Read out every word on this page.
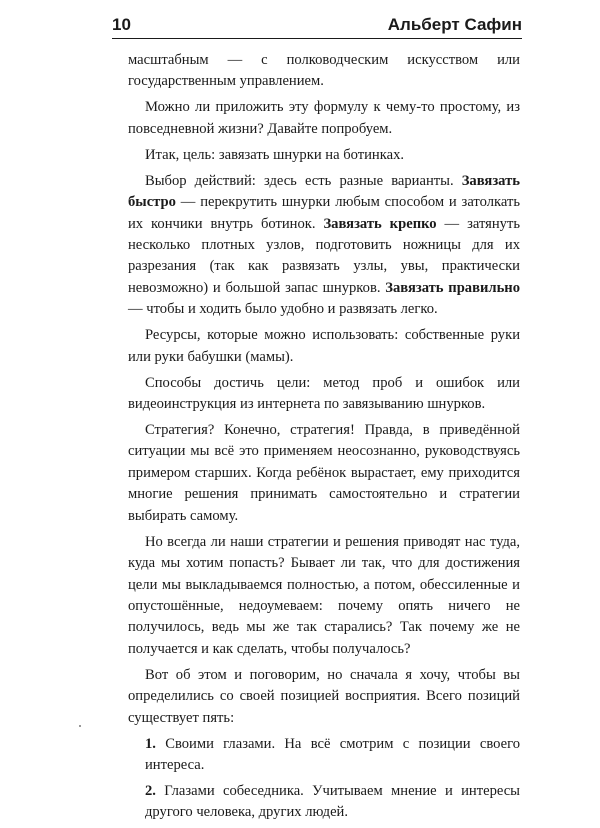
10	Альберт Сафин

масштабным — с полководческим искусством или государственным управлением.

Можно ли приложить эту формулу к чему-то простому, из повседневной жизни? Давайте попробуем.

Итак, цель: завязать шнурки на ботинках.

Выбор действий: здесь есть разные варианты. Завязать быстро — перекрутить шнурки любым способом и затолкать их кончики внутрь ботинок. Завязать крепко — затянуть несколько плотных узлов, подготовить ножницы для их разрезания (так как развязать узлы, увы, практически невозможно) и большой запас шнурков. Завязать правильно — чтобы и ходить было удобно и развязать легко.

Ресурсы, которые можно использовать: собственные руки или руки бабушки (мамы).

Способы достичь цели: метод проб и ошибок или видеоинструкция из интернета по завязыванию шнурков.

Стратегия? Конечно, стратегия! Правда, в приведённой ситуации мы всё это применяем неосознанно, руководствуясь примером старших. Когда ребёнок вырастает, ему приходится многие решения принимать самостоятельно и стратегии выбирать самому.

Но всегда ли наши стратегии и решения приводят нас туда, куда мы хотим попасть? Бывает ли так, что для достижения цели мы выкладываемся полностью, а потом, обессиленные и опустошённые, недоумеваем: почему опять ничего не получилось, ведь мы же так старались? Так почему же не получается и как сделать, чтобы получалось?

Вот об этом и поговорим, но сначала я хочу, чтобы вы определились со своей позицией восприятия. Всего позиций существует пять:

1. Своими глазами. На всё смотрим с позиции своего интереса.
2. Глазами собеседника. Учитываем мнение и интересы другого человека, других людей.
